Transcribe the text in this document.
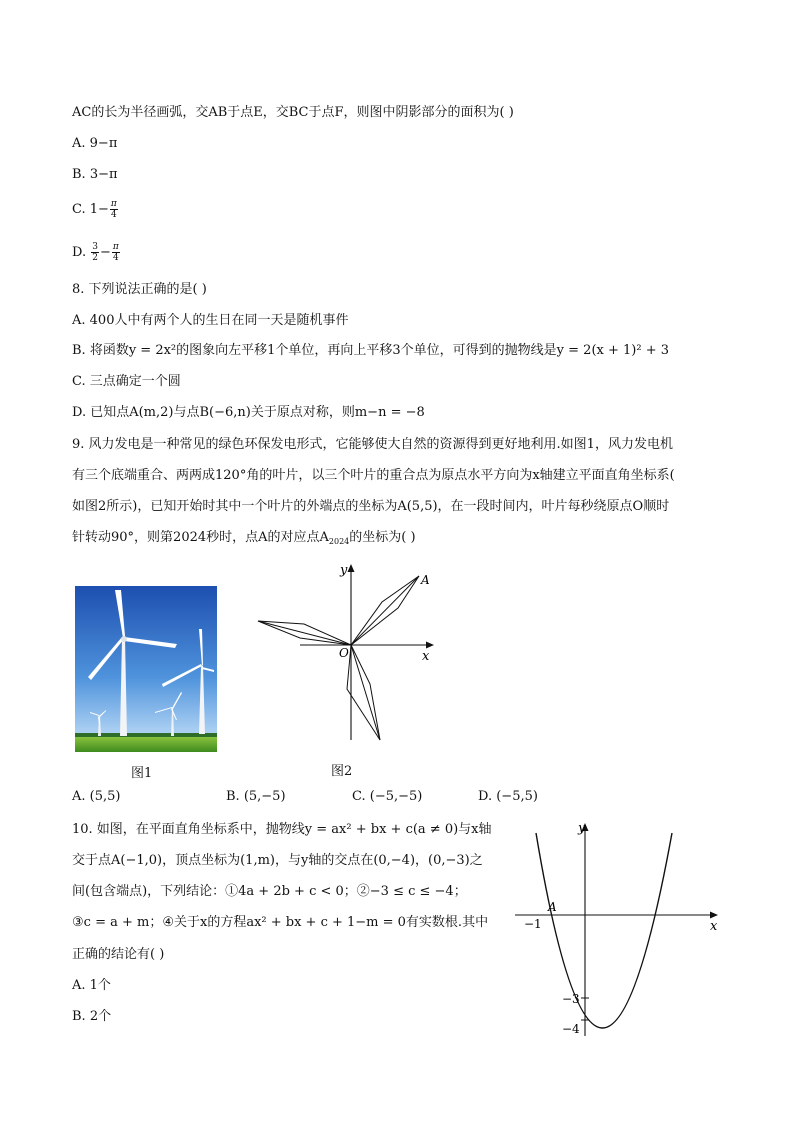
AC的长为半径画弧，交AB于点E，交BC于点F，则图中阴影部分的面积为( )
A. 9−π
B. 3−π
C. $1- \frac{\pi}{4}$
D. $\frac{3}{2} - \frac{\pi}{4}$
8. 下列说法正确的是( )
A. 400人中有两个人的生日在同一天是随机事件
B. 将函数y = 2x²的图象向左平移1个单位，再向上平移3个单位，可得到的抛物线是y = 2(x + 1)² + 3
C. 三点确定一个圆
D. 已知点A(m,2)与点B(−6,n)关于原点对称，则m−n = −8
9. 风力发电是一种常见的绿色环保发电形式，它能够使大自然的资源得到更好地利用.如图1，风力发电机
有三个底端重合、两两成120°角的叶片，以三个叶片的重合点为原点水平方向为x轴建立平面直角坐标系(
如图2所示)，已知开始时其中一个叶片的外端点的坐标为A(5,5)，在一段时间内，叶片每秒绕原点O顺时
针转动90°，则第2024秒时，点A的对应点$A_{2024}$的坐标为( )
图1
y
x
O
A
图2
A. (5,5)	B. (5,−5)	C. (−5,−5)	D. (−5,5)
10. 如图，在平面直角坐标系中，抛物线y = ax² + bx + c(a ≠ 0)与x轴
交于点A(−1,0)，顶点坐标为(1,m)，与y轴的交点在(0,−4)，(0,−3)之
间(包含端点)，下列结论：①4a + 2b + c < 0；②−3 ≤ c ≤ −4；
③c = a + m；④关于x的方程ax² + bx + c + 1−m = 0有实数根.其中
正确的结论有( )
A. 1个
B. 2个
y
x
A
−1
−3
−4
